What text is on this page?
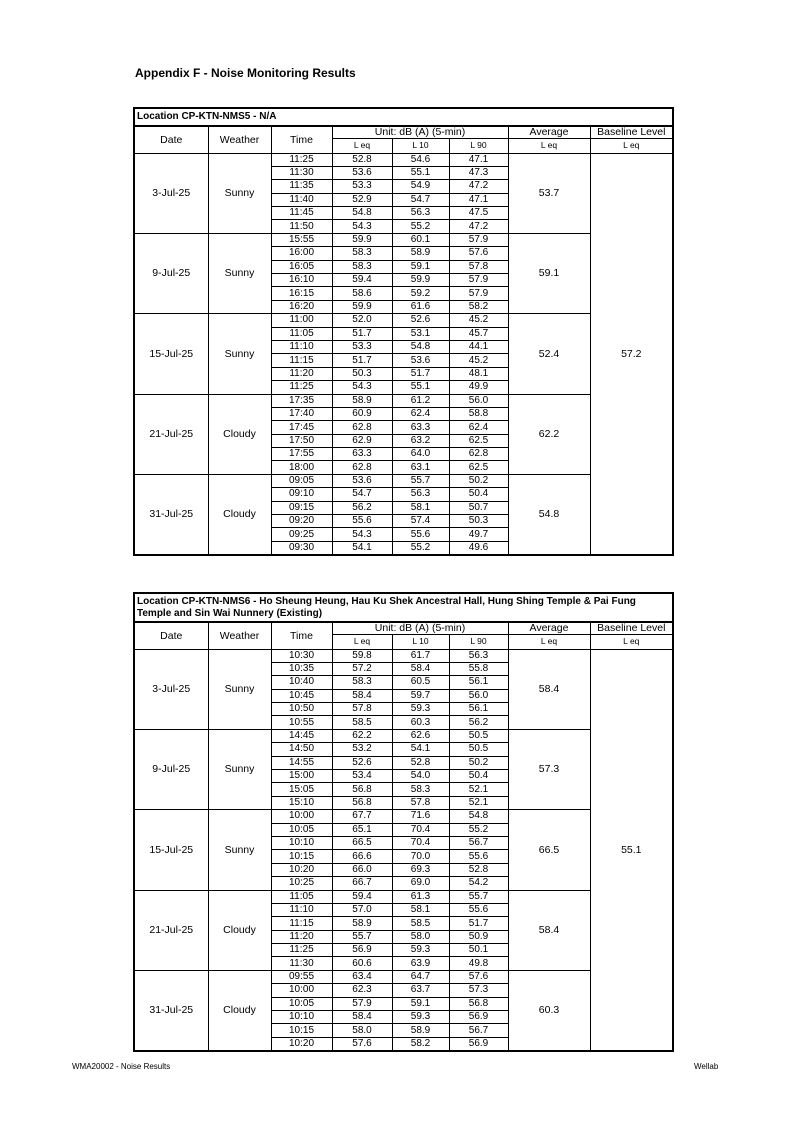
Appendix F - Noise Monitoring Results
Location CP-KTN-NMS5 - N/A							
Date	Weather	Time	Unit: dB (A) (5-min)			Average	Baseline Level
			L eq	L 10	L 90	L eq	L eq
3-Jul-25	Sunny	11:25	52.8	54.6	47.1	53.7	57.2
		11:30	53.6	55.1	47.3		
		11:35	53.3	54.9	47.2		
		11:40	52.9	54.7	47.1		
		11:45	54.8	56.3	47.5		
		11:50	54.3	55.2	47.2		
9-Jul-25	Sunny	15:55	59.9	60.1	57.9	59.1	
		16:00	58.3	58.9	57.6		
		16:05	58.3	59.1	57.8		
		16:10	59.4	59.9	57.9		
		16:15	58.6	59.2	57.9		
		16:20	59.9	61.6	58.2		
15-Jul-25	Sunny	11:00	52.0	52.6	45.2	52.4	
		11:05	51.7	53.1	45.7		
		11:10	53.3	54.8	44.1		
		11:15	51.7	53.6	45.2		
		11:20	50.3	51.7	48.1		
		11:25	54.3	55.1	49.9		
21-Jul-25	Cloudy	17:35	58.9	61.2	56.0	62.2	
		17:40	60.9	62.4	58.8		
		17:45	62.8	63.3	62.4		
		17:50	62.9	63.2	62.5		
		17:55	63.3	64.0	62.8		
		18:00	62.8	63.1	62.5		
31-Jul-25	Cloudy	09:05	53.6	55.7	50.2	54.8	
		09:10	54.7	56.3	50.4		
		09:15	56.2	58.1	50.7		
		09:20	55.6	57.4	50.3		
		09:25	54.3	55.6	49.7		
		09:30	54.1	55.2	49.6		
Location CP-KTN-NMS6 - Ho Sheung Heung, Hau Ku Shek Ancestral Hall, Hung Shing Temple & Pai Fung Temple and Sin Wai Nunnery (Existing)							
Date	Weather	Time	Unit: dB (A) (5-min)			Average	Baseline Level
			L eq	L 10	L 90	L eq	L eq
3-Jul-25	Sunny	10:30	59.8	61.7	56.3	58.4	55.1
		10:35	57.2	58.4	55.8		
		10:40	58.3	60.5	56.1		
		10:45	58.4	59.7	56.0		
		10:50	57.8	59.3	56.1		
		10:55	58.5	60.3	56.2		
9-Jul-25	Sunny	14:45	62.2	62.6	50.5	57.3	
		14:50	53.2	54.1	50.5		
		14:55	52.6	52.8	50.2		
		15:00	53.4	54.0	50.4		
		15:05	56.8	58.3	52.1		
		15:10	56.8	57.8	52.1		
15-Jul-25	Sunny	10:00	67.7	71.6	54.8	66.5	
		10:05	65.1	70.4	55.2		
		10:10	66.5	70.4	56.7		
		10:15	66.6	70.0	55.6		
		10:20	66.0	69.3	52.8		
		10:25	66.7	69.0	54.2		
21-Jul-25	Cloudy	11:05	59.4	61.3	55.7	58.4	
		11:10	57.0	58.1	55.6		
		11:15	58.9	58.5	51.7		
		11:20	55.7	58.0	50.9		
		11:25	56.9	59.3	50.1		
		11:30	60.6	63.9	49.8		
31-Jul-25	Cloudy	09:55	63.4	64.7	57.6	60.3	
		10:00	62.3	63.7	57.3		
		10:05	57.9	59.1	56.8		
		10:10	58.4	59.3	56.9		
		10:15	58.0	58.9	56.7		
		10:20	57.6	58.2	56.9		
WMA20002 - Noise Results	Wellab
